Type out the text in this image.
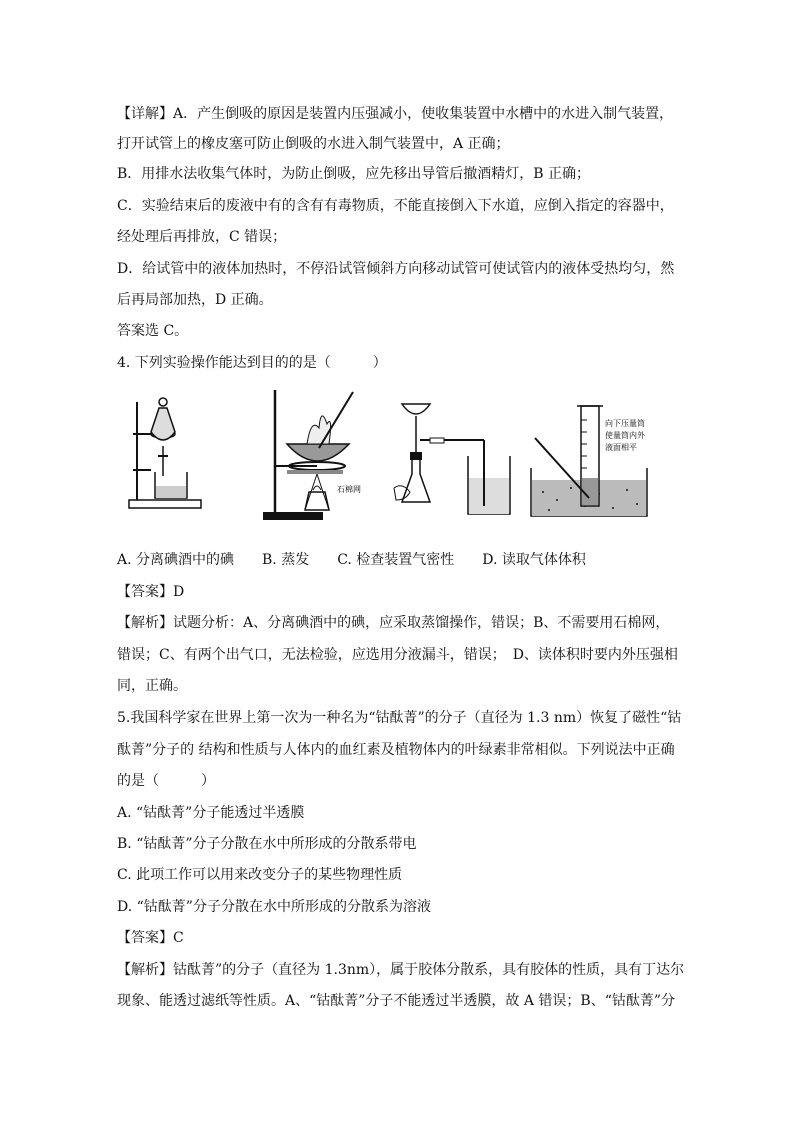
【详解】A．产生倒吸的原因是装置内压强减小，使收集装置中水槽中的水进入制气装置，
打开试管上的橡皮塞可防止倒吸的水进入制气装置中，A 正确；
B．用排水法收集气体时，为防止倒吸，应先移出导管后撤酒精灯，B 正确；
C．实验结束后的废液中有的含有有毒物质，不能直接倒入下水道，应倒入指定的容器中，
经处理后再排放，C 错误；
D．给试管中的液体加热时，不停沿试管倾斜方向移动试管可使试管内的液体受热均匀，然
后再局部加热，D 正确。
答案选 C。
4. 下列实验操作能达到目的的是（　　　）
石棉网
向下压量筒
使量筒内外
液面相平
A. 分离碘酒中的碘　　B. 蒸发　　C. 检查装置气密性　　D. 读取气体体积
【答案】D
【解析】试题分析：A、分离碘酒中的碘，应采取蒸馏操作，错误；B、不需要用石棉网，
错误；C、有两个出气口，无法检验，应选用分液漏斗，错误；　D、读体积时要内外压强相
同，正确。
5.我国科学家在世界上第一次为一种名为“钴酞菁”的分子（直径为 1.3 nm）恢复了磁性“钴
酞菁”分子的 结构和性质与人体内的血红素及植物体内的叶绿素非常相似。下列说法中正确
的是（　　　）
A. “钴酞菁”分子能透过半透膜
B. “钴酞菁”分子分散在水中所形成的分散系带电
C. 此项工作可以用来改变分子的某些物理性质
D. “钴酞菁”分子分散在水中所形成的分散系为溶液
【答案】C
【解析】钴酞菁”的分子（直径为 1.3nm），属于胶体分散系，具有胶体的性质，具有丁达尔
现象、能透过滤纸等性质。A、“钴酞菁”分子不能透过半透膜，故 A 错误；B、“钴酞菁”分
